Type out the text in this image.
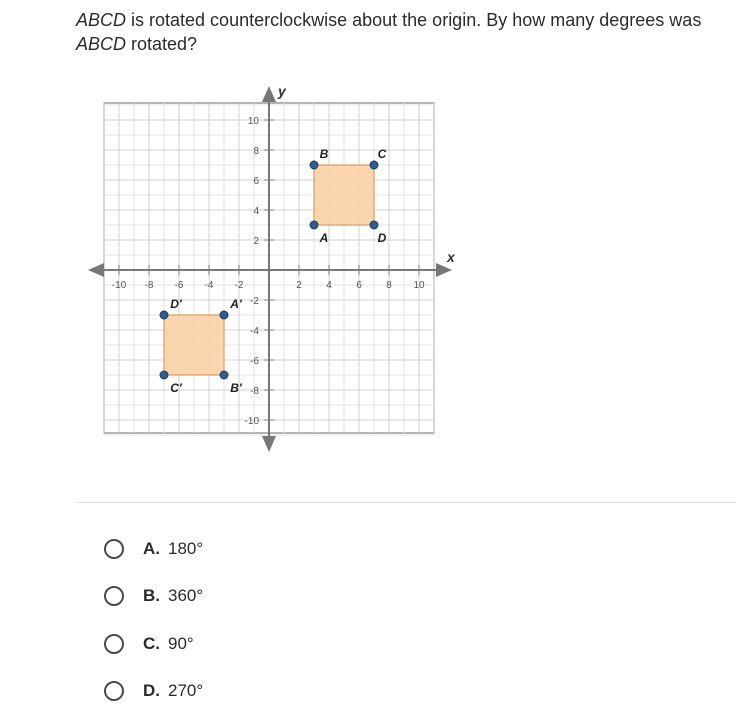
ABCD is rotated counterclockwise about the origin. By how many degrees was ABCD rotated?
x
y
-10 -8 -6 -4 -2	2 4 6 8 10
10
8
6
4
2
-2
-4
-6
-8
-10
A
B	C
D
A'
B'
C'
D'
A. 180°
B. 360°
C. 90°
D. 270°
